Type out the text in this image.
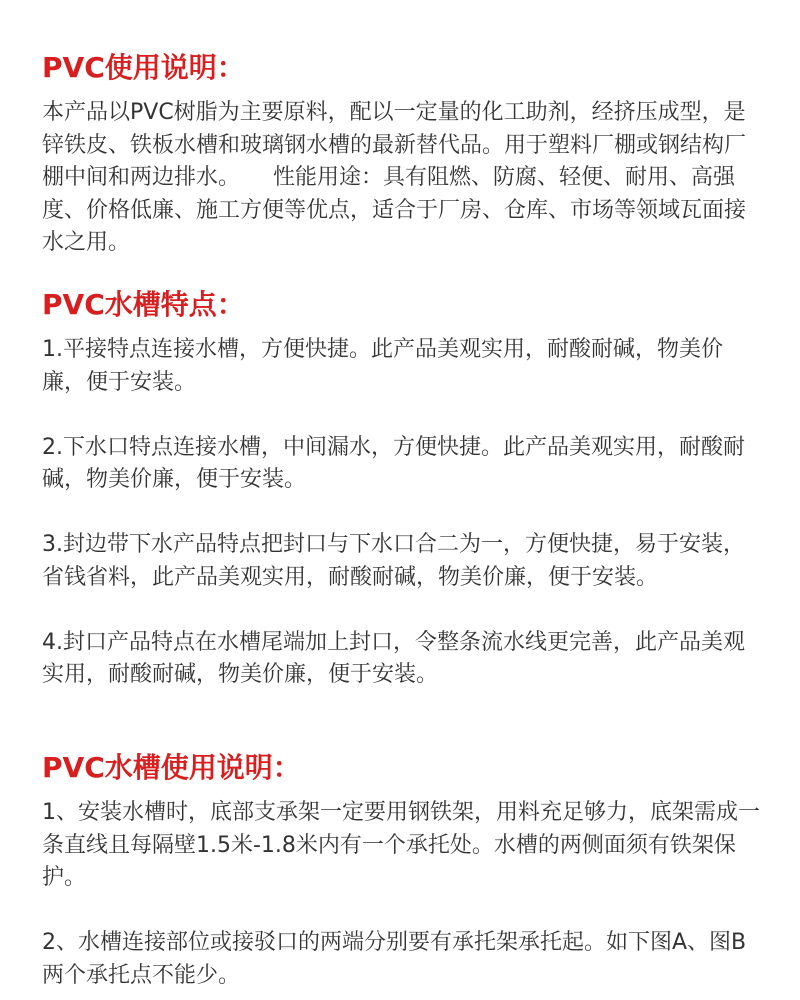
PVC使用说明：

本产品以PVC树脂为主要原料，配以一定量的化工助剂，经挤压成型，是锌铁皮、铁板水槽和玻璃钢水槽的最新替代品。用于塑料厂棚或钢结构厂棚中间和两边排水。　　性能用途：具有阻燃、防腐、轻便、耐用、高强度、价格低廉、施工方便等优点，适合于厂房、仓库、市场等领域瓦面接水之用。

PVC水槽特点：

1.平接特点连接水槽，方便快捷。此产品美观实用，耐酸耐碱，物美价廉，便于安装。

2.下水口特点连接水槽，中间漏水，方便快捷。此产品美观实用，耐酸耐碱，物美价廉，便于安装。

3.封边带下水产品特点把封口与下水口合二为一，方便快捷，易于安装，省钱省料，此产品美观实用，耐酸耐碱，物美价廉，便于安装。

4.封口产品特点在水槽尾端加上封口，令整条流水线更完善，此产品美观实用，耐酸耐碱，物美价廉，便于安装。

PVC水槽使用说明：

1、安装水槽时，底部支承架一定要用钢铁架，用料充足够力，底架需成一条直线且每隔壁1.5米-1.8米内有一个承托处。水槽的两侧面须有铁架保护。

2、水槽连接部位或接驳口的两端分别要有承托架承托起。如下图A、图B两个承托点不能少。
